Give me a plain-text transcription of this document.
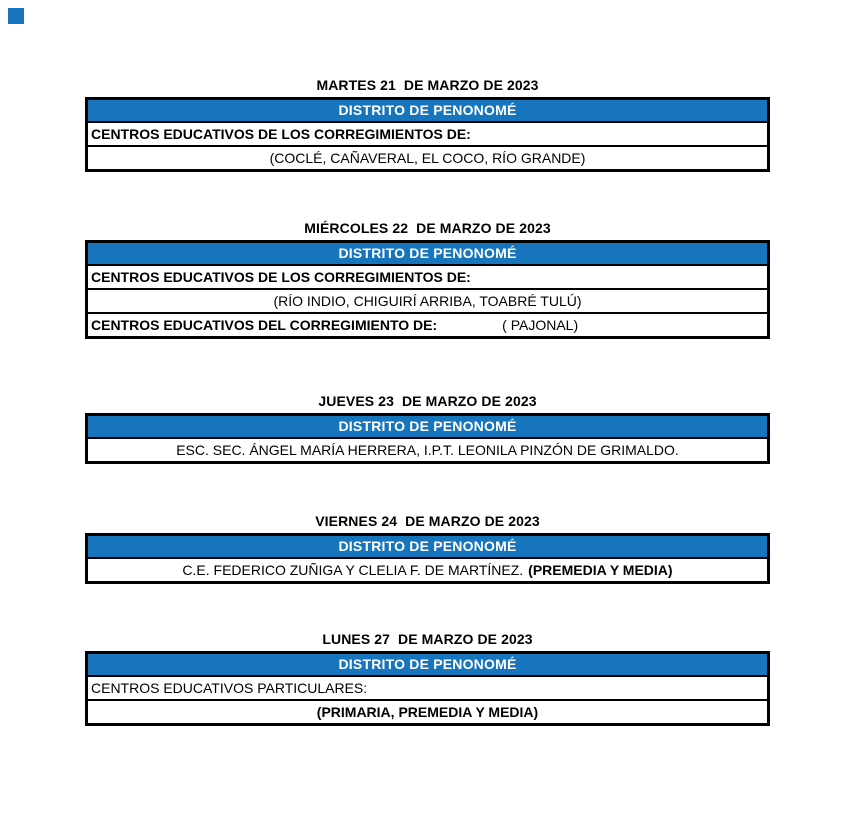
MARTES 21  DE MARZO DE 2023
DISTRITO DE PENONOMÉ
CENTROS EDUCATIVOS DE LOS CORREGIMIENTOS DE:
(COCLÉ, CAÑAVERAL, EL COCO, RÍO GRANDE)
MIÉRCOLES 22  DE MARZO DE 2023
DISTRITO DE PENONOMÉ
CENTROS EDUCATIVOS DE LOS CORREGIMIENTOS DE:
(RÍO INDIO, CHIGUIRÍ ARRIBA, TOABRÉ TULÚ)
CENTROS EDUCATIVOS DEL CORREGIMIENTO DE:	( PAJONAL)
JUEVES 23  DE MARZO DE 2023
DISTRITO DE PENONOMÉ
ESC. SEC. ÁNGEL MARÍA HERRERA, I.P.T. LEONILA PINZÓN DE GRIMALDO.
VIERNES 24  DE MARZO DE 2023
DISTRITO DE PENONOMÉ
C.E. FEDERICO ZUÑIGA Y CLELIA F. DE MARTÍNEZ. (PREMEDIA Y MEDIA)
LUNES 27  DE MARZO DE 2023
DISTRITO DE PENONOMÉ
CENTROS EDUCATIVOS PARTICULARES:
(PRIMARIA, PREMEDIA Y MEDIA)
